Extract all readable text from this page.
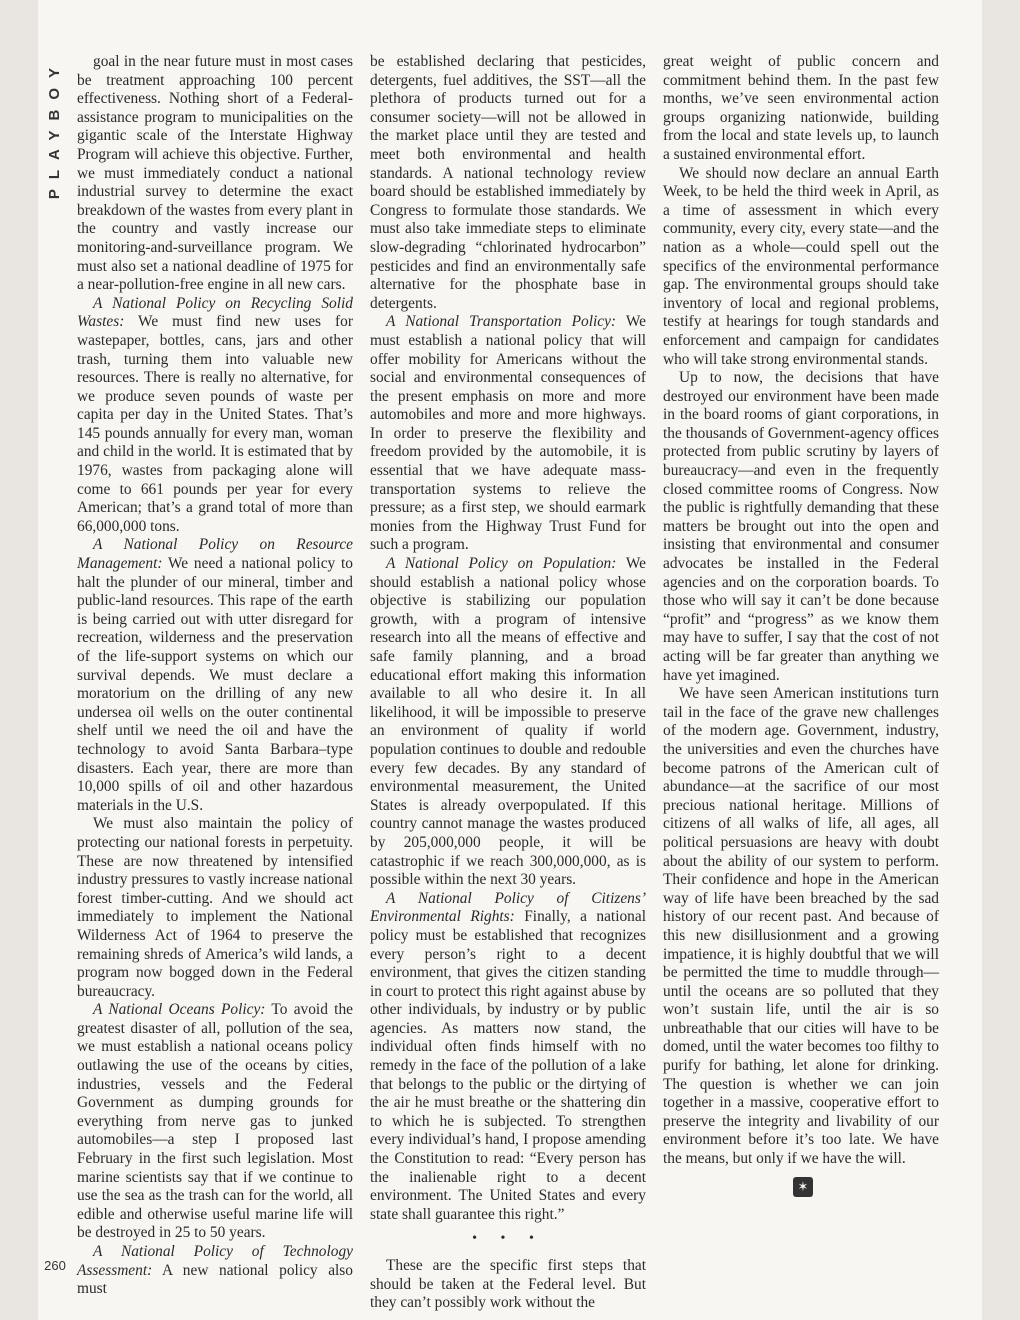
PLAYBOY
260

goal in the near future must in most cases be treatment approaching 100 percent effectiveness. Nothing short of a Federal-assistance program to municipalities on the gigantic scale of the Interstate Highway Program will achieve this objective. Further, we must immediately conduct a national industrial survey to determine the exact breakdown of the wastes from every plant in the country and vastly increase our monitoring-and-surveillance program. We must also set a national deadline of 1975 for a near-pollution-free engine in all new cars.

A National Policy on Recycling Solid Wastes: We must find new uses for wastepaper, bottles, cans, jars and other trash, turning them into valuable new resources. There is really no alternative, for we produce seven pounds of waste per capita per day in the United States. That’s 145 pounds annually for every man, woman and child in the world. It is estimated that by 1976, wastes from packaging alone will come to 661 pounds per year for every American; that’s a grand total of more than 66,000,000 tons.

A National Policy on Resource Management: We need a national policy to halt the plunder of our mineral, timber and public-land resources. This rape of the earth is being carried out with utter disregard for recreation, wilderness and the preservation of the life-support systems on which our survival depends. We must declare a moratorium on the drilling of any new undersea oil wells on the outer continental shelf until we need the oil and have the technology to avoid Santa Barbara–type disasters. Each year, there are more than 10,000 spills of oil and other hazardous materials in the U.S.

We must also maintain the policy of protecting our national forests in perpetuity. These are now threatened by intensified industry pressures to vastly increase national forest timber-cutting. And we should act immediately to implement the National Wilderness Act of 1964 to preserve the remaining shreds of America’s wild lands, a program now bogged down in the Federal bureaucracy.

A National Oceans Policy: To avoid the greatest disaster of all, pollution of the sea, we must establish a national oceans policy outlawing the use of the oceans by cities, industries, vessels and the Federal Government as dumping grounds for everything from nerve gas to junked automobiles—a step I proposed last February in the first such legislation. Most marine scientists say that if we continue to use the sea as the trash can for the world, all edible and otherwise useful marine life will be destroyed in 25 to 50 years.

A National Policy of Technology Assessment: A new national policy also must

be established declaring that pesticides, detergents, fuel additives, the SST—all the plethora of products turned out for a consumer society—will not be allowed in the market place until they are tested and meet both environmental and health standards. A national technology review board should be established immediately by Congress to formulate those standards. We must also take immediate steps to eliminate slow-degrading “chlorinated hydrocarbon” pesticides and find an environmentally safe alternative for the phosphate base in detergents.

A National Transportation Policy: We must establish a national policy that will offer mobility for Americans without the social and environmental consequences of the present emphasis on more and more automobiles and more and more highways. In order to preserve the flexibility and freedom provided by the automobile, it is essential that we have adequate mass-transportation systems to relieve the pressure; as a first step, we should earmark monies from the Highway Trust Fund for such a program.

A National Policy on Population: We should establish a national policy whose objective is stabilizing our population growth, with a program of intensive research into all the means of effective and safe family planning, and a broad educational effort making this information available to all who desire it. In all likelihood, it will be impossible to preserve an environment of quality if world population continues to double and redouble every few decades. By any standard of environmental measurement, the United States is already overpopulated. If this country cannot manage the wastes produced by 205,000,000 people, it will be catastrophic if we reach 300,000,000, as is possible within the next 30 years.

A National Policy of Citizens’ Environmental Rights: Finally, a national policy must be established that recognizes every person’s right to a decent environment, that gives the citizen standing in court to protect this right against abuse by other individuals, by industry or by public agencies. As matters now stand, the individual often finds himself with no remedy in the face of the pollution of a lake that belongs to the public or the dirtying of the air he must breathe or the shattering din to which he is subjected. To strengthen every individual’s hand, I propose amending the Constitution to read: “Every person has the inalienable right to a decent environment. The United States and every state shall guarantee this right.”

• • •

These are the specific first steps that should be taken at the Federal level. But they can’t possibly work without the

great weight of public concern and commitment behind them. In the past few months, we’ve seen environmental action groups organizing nationwide, building from the local and state levels up, to launch a sustained environmental effort.

We should now declare an annual Earth Week, to be held the third week in April, as a time of assessment in which every community, every city, every state—and the nation as a whole—could spell out the specifics of the environmental performance gap. The environmental groups should take inventory of local and regional problems, testify at hearings for tough standards and enforcement and campaign for candidates who will take strong environmental stands.

Up to now, the decisions that have destroyed our environment have been made in the board rooms of giant corporations, in the thousands of Government-agency offices protected from public scrutiny by layers of bureaucracy—and even in the frequently closed committee rooms of Congress. Now the public is rightfully demanding that these matters be brought out into the open and insisting that environmental and consumer advocates be installed in the Federal agencies and on the corporation boards. To those who will say it can’t be done because “profit” and “progress” as we know them may have to suffer, I say that the cost of not acting will be far greater than anything we have yet imagined.

We have seen American institutions turn tail in the face of the grave new challenges of the modern age. Government, industry, the universities and even the churches have become patrons of the American cult of abundance—at the sacrifice of our most precious national heritage. Millions of citizens of all walks of life, all ages, all political persuasions are heavy with doubt about the ability of our system to perform. Their confidence and hope in the American way of life have been breached by the sad history of our recent past. And because of this new disillusionment and a growing impatience, it is highly doubtful that we will be permitted the time to muddle through—until the oceans are so polluted that they won’t sustain life, until the air is so unbreathable that our cities will have to be domed, until the water becomes too filthy to purify for bathing, let alone for drinking. The question is whether we can join together in a massive, cooperative effort to preserve the integrity and livability of our environment before it’s too late. We have the means, but only if we have the will.

✶
